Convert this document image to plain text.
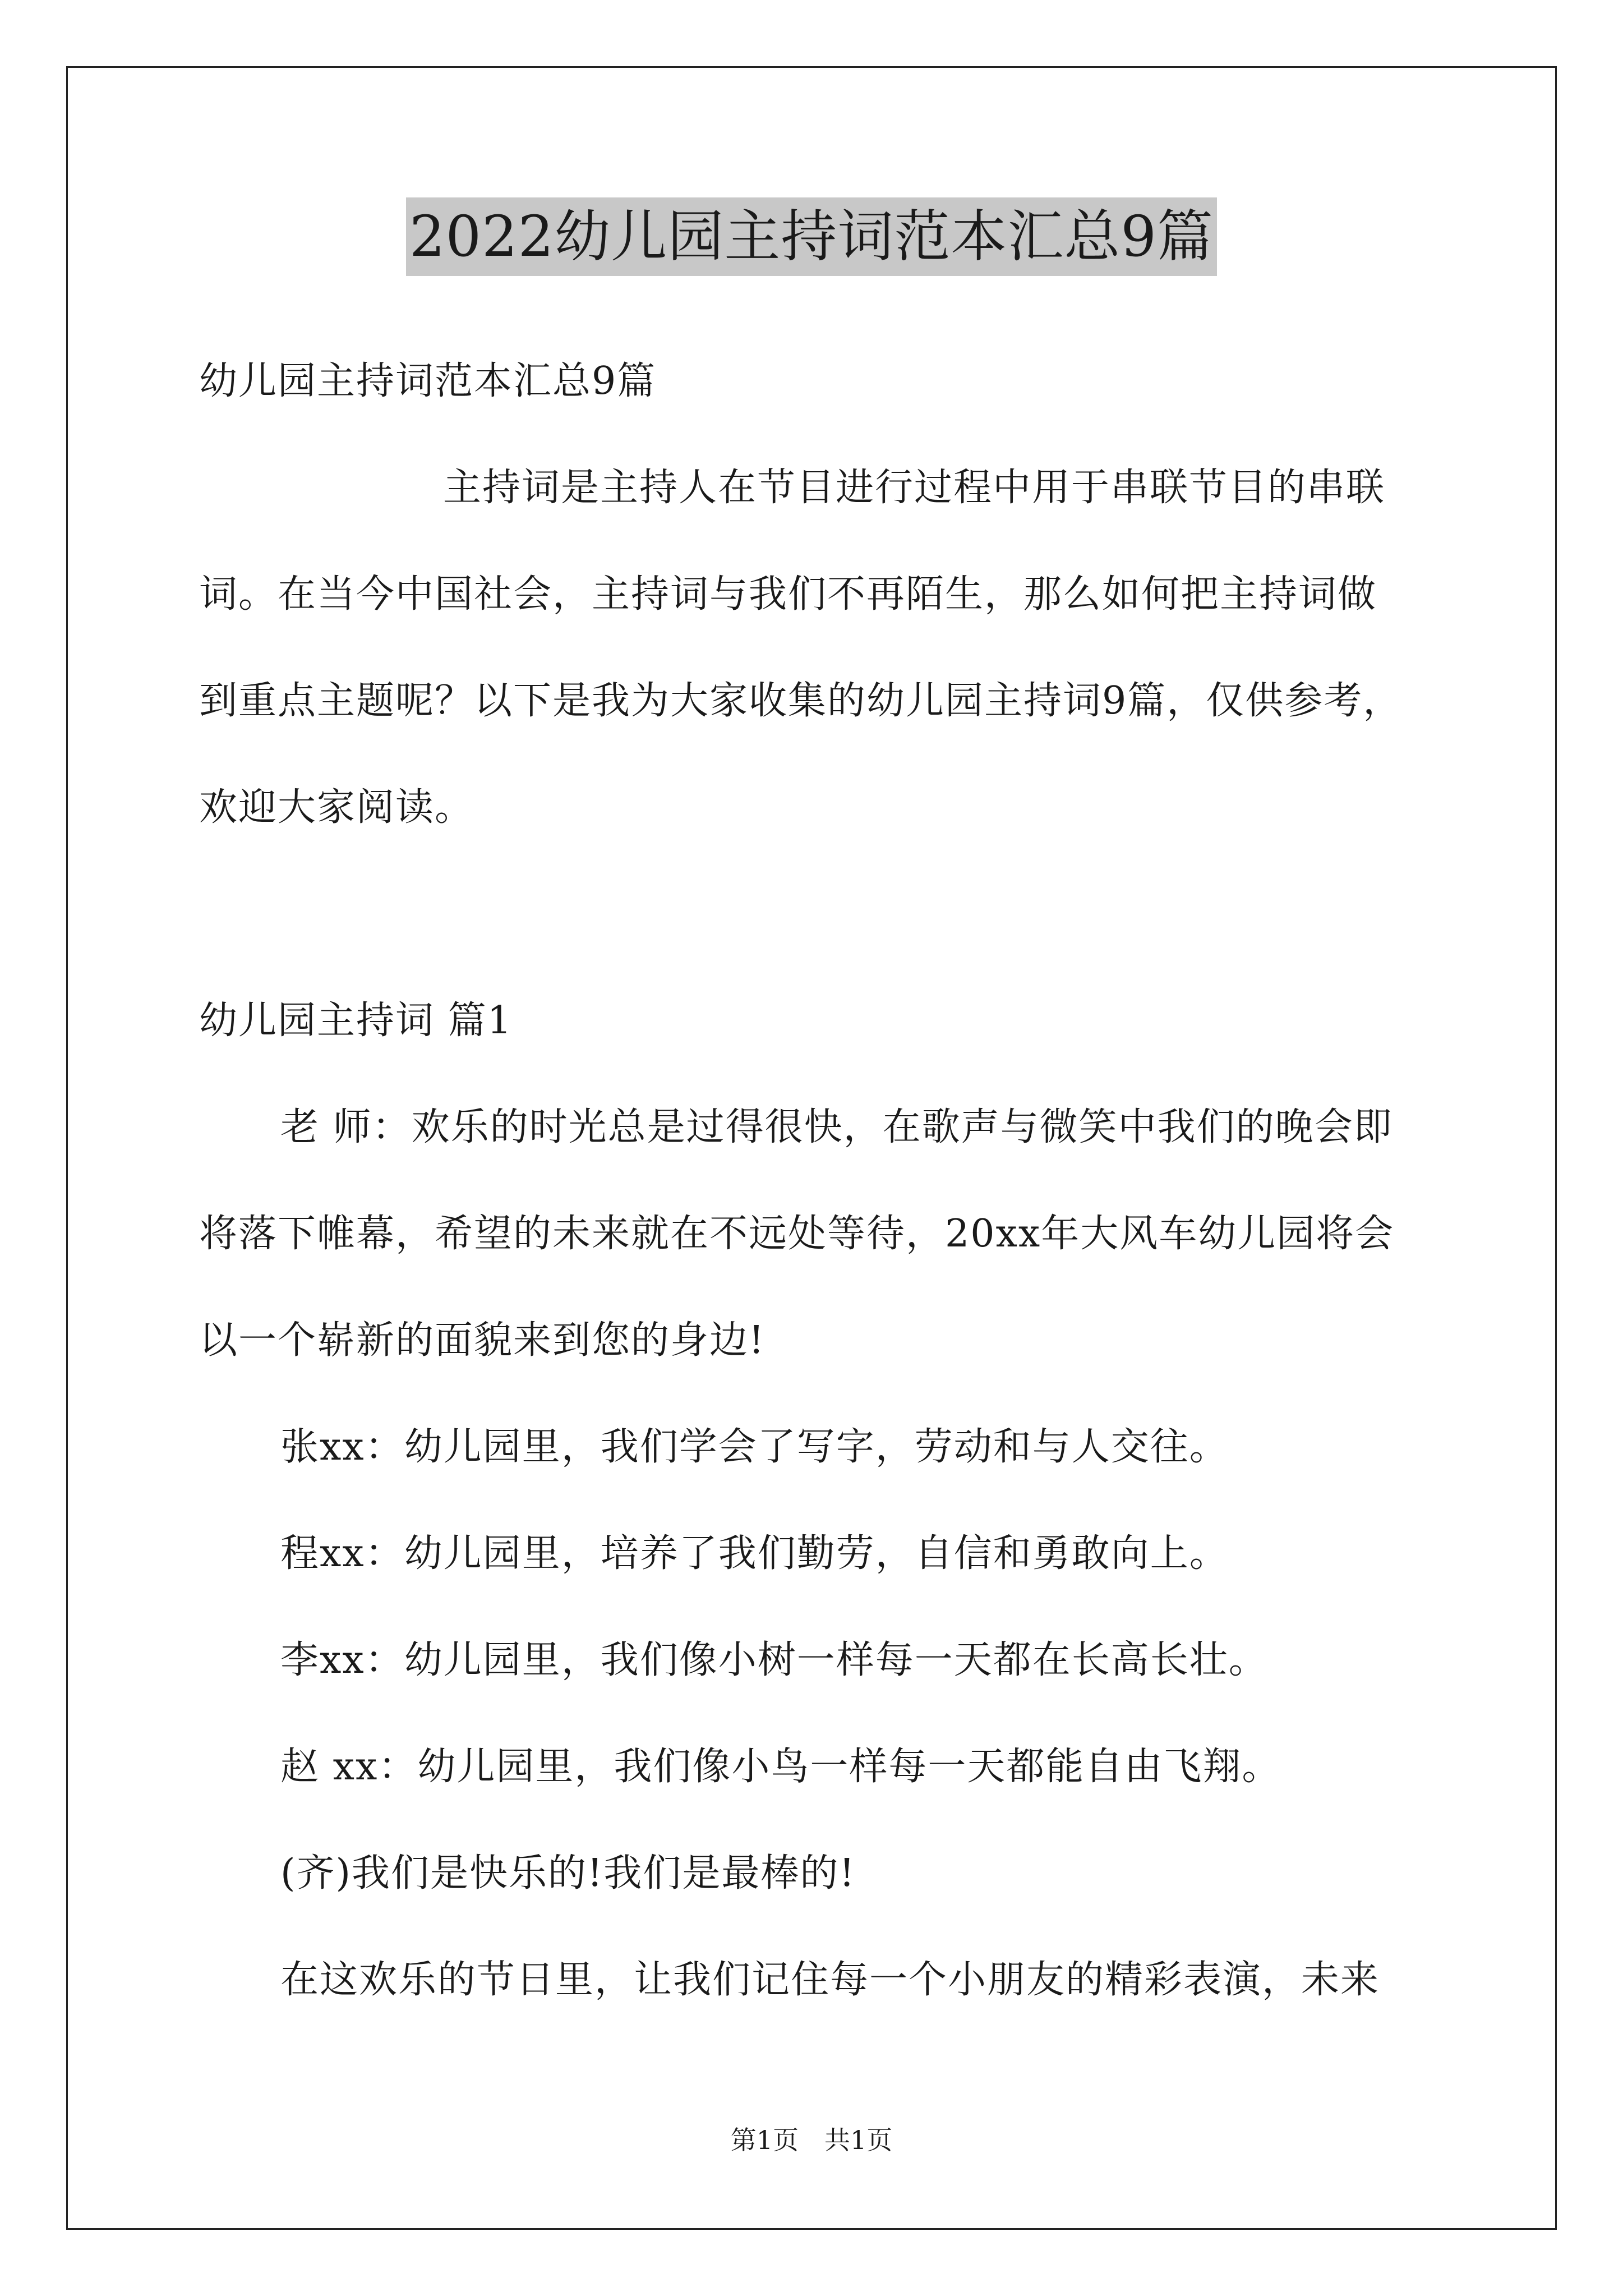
2022幼儿园主持词范本汇总9篇

幼儿园主持词范本汇总9篇

主持词是主持人在节目进行过程中用于串联节目的串联

词。在当今中国社会，主持词与我们不再陌生，那么如何把主持词做

到重点主题呢？以下是我为大家收集的幼儿园主持词9篇，仅供参考，

欢迎大家阅读。

幼儿园主持词 篇1

老 师：欢乐的时光总是过得很快，在歌声与微笑中我们的晚会即

将落下帷幕，希望的未来就在不远处等待，20xx年大风车幼儿园将会

以一个崭新的面貌来到您的身边!

张xx：幼儿园里，我们学会了写字，劳动和与人交往。

程xx：幼儿园里，培养了我们勤劳，自信和勇敢向上。

李xx：幼儿园里，我们像小树一样每一天都在长高长壮。

赵 xx：幼儿园里，我们像小鸟一样每一天都能自由飞翔。

(齐)我们是快乐的!我们是最棒的!

在这欢乐的节日里，让我们记住每一个小朋友的精彩表演，未来

第1页　共1页
